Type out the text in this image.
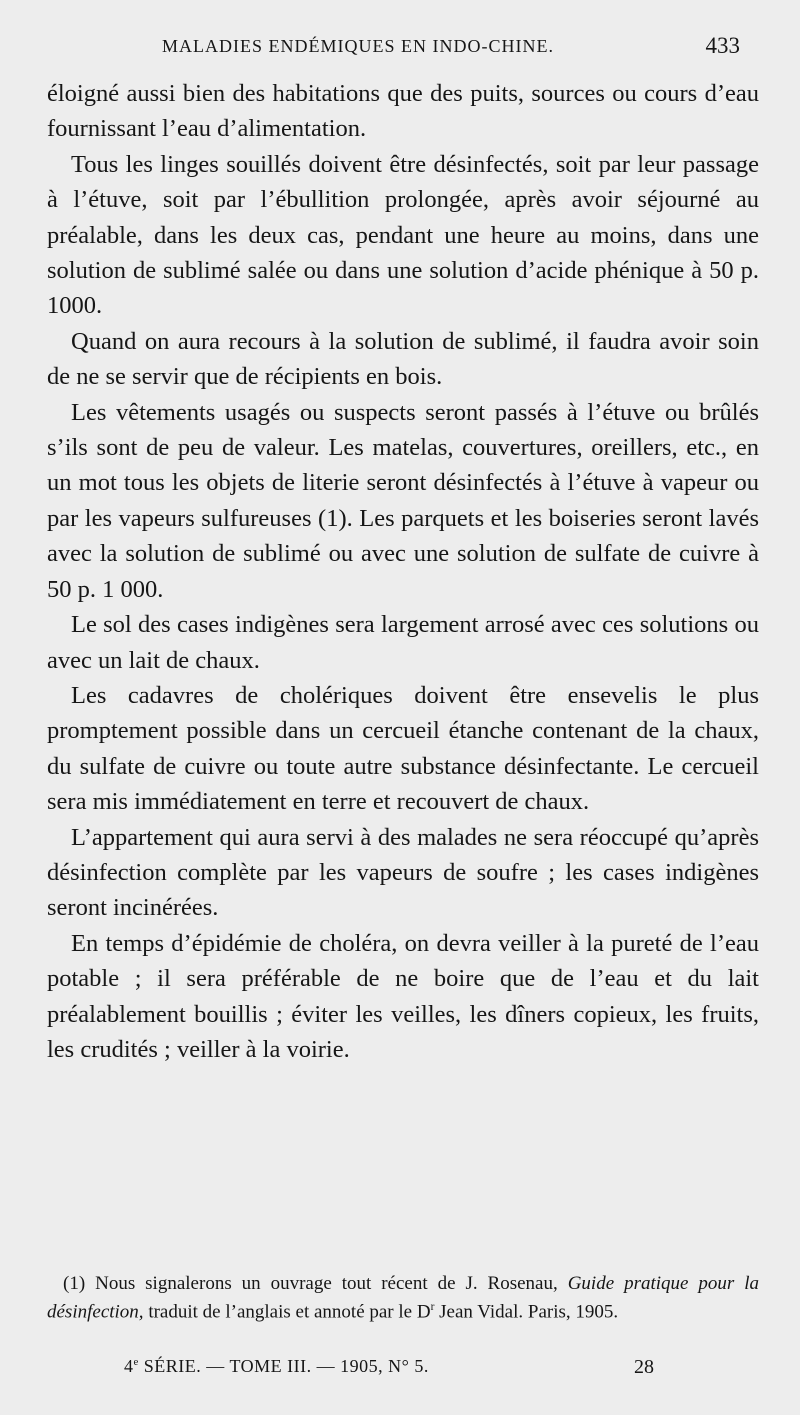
MALADIES ENDÉMIQUES EN INDO-CHINE.	433

éloigné aussi bien des habitations que des puits, sources ou cours d’eau fournissant l’eau d’alimentation.

Tous les linges souillés doivent être désinfectés, soit par leur passage à l’étuve, soit par l’ébullition prolongée, après avoir séjourné au préalable, dans les deux cas, pendant une heure au moins, dans une solution de sublimé salée ou dans une solution d’acide phénique à 50 p. 1000.

Quand on aura recours à la solution de sublimé, il faudra avoir soin de ne se servir que de récipients en bois.

Les vêtements usagés ou suspects seront passés à l’étuve ou brûlés s’ils sont de peu de valeur. Les matelas, couvertures, oreillers, etc., en un mot tous les objets de literie seront désinfectés à l’étuve à vapeur ou par les vapeurs sulfureuses (1). Les parquets et les boiseries seront lavés avec la solution de sublimé ou avec une solution de sulfate de cuivre à 50 p. 1 000.

Le sol des cases indigènes sera largement arrosé avec ces solutions ou avec un lait de chaux.

Les cadavres de cholériques doivent être ensevelis le plus promptement possible dans un cercueil étanche contenant de la chaux, du sulfate de cuivre ou toute autre substance désinfectante. Le cercueil sera mis immédiatement en terre et recouvert de chaux.

L’appartement qui aura servi à des malades ne sera réoccupé qu’après désinfection complète par les vapeurs de soufre ; les cases indigènes seront incinérées.

En temps d’épidémie de choléra, on devra veiller à la pureté de l’eau potable ; il sera préférable de ne boire que de l’eau et du lait préalablement bouillis ; éviter les veilles, les dîners copieux, les fruits, les crudités ; veiller à la voirie.

(1) Nous signalerons un ouvrage tout récent de J. Rosenau, Guide pratique pour la désinfection, traduit de l’anglais et annoté par le $D^r$ Jean Vidal. Paris, 1905.

4e SÉRIE. — TOME III. — 1905, N° 5.	28
